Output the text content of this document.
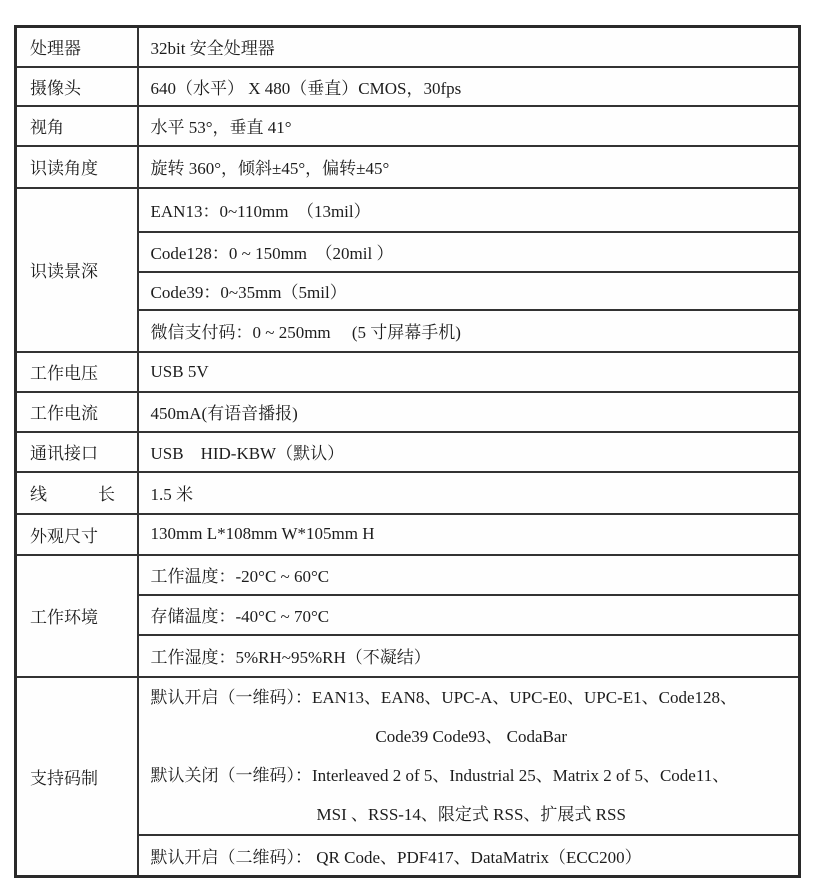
处理器	32bit 安全处理器
摄像头	640（水平） X 480（垂直）CMOS，30fps
视角	水平 53°，垂直 41°
识读角度	旋转 360°，倾斜±45°，偏转±45°
识读景深	EAN13：0~110mm　（13mil）
	Code128：0 ~ 150mm　（20mil ）
	Code39：0~35mm（5mil）
	微信支付码：0 ~ 250mm　 (5 寸屏幕手机)
工作电压	USB 5V
工作电流	450mA(有语音播报)
通讯接口	USB　HID-KBW（默认）
线　　　长	1.5 米
外观尺寸	130mm L*108mm W*105mm H
工作环境	工作温度：-20°C ~ 60°C
	存储温度：-40°C ~ 70°C
	工作湿度：5%RH~95%RH（不凝结）
支持码制	默认开启（一维码）：EAN13、EAN8、UPC-A、UPC-E0、UPC-E1、Code128、
Code39 Code93、 CodaBar
默认关闭（一维码）：Interleaved 2 of 5、Industrial 25、Matrix 2 of 5、Code11、
MSI 、RSS-14、限定式 RSS、扩展式 RSS

	默认开启（二维码）： QR Code、PDF417、DataMatrix（ECC200）
